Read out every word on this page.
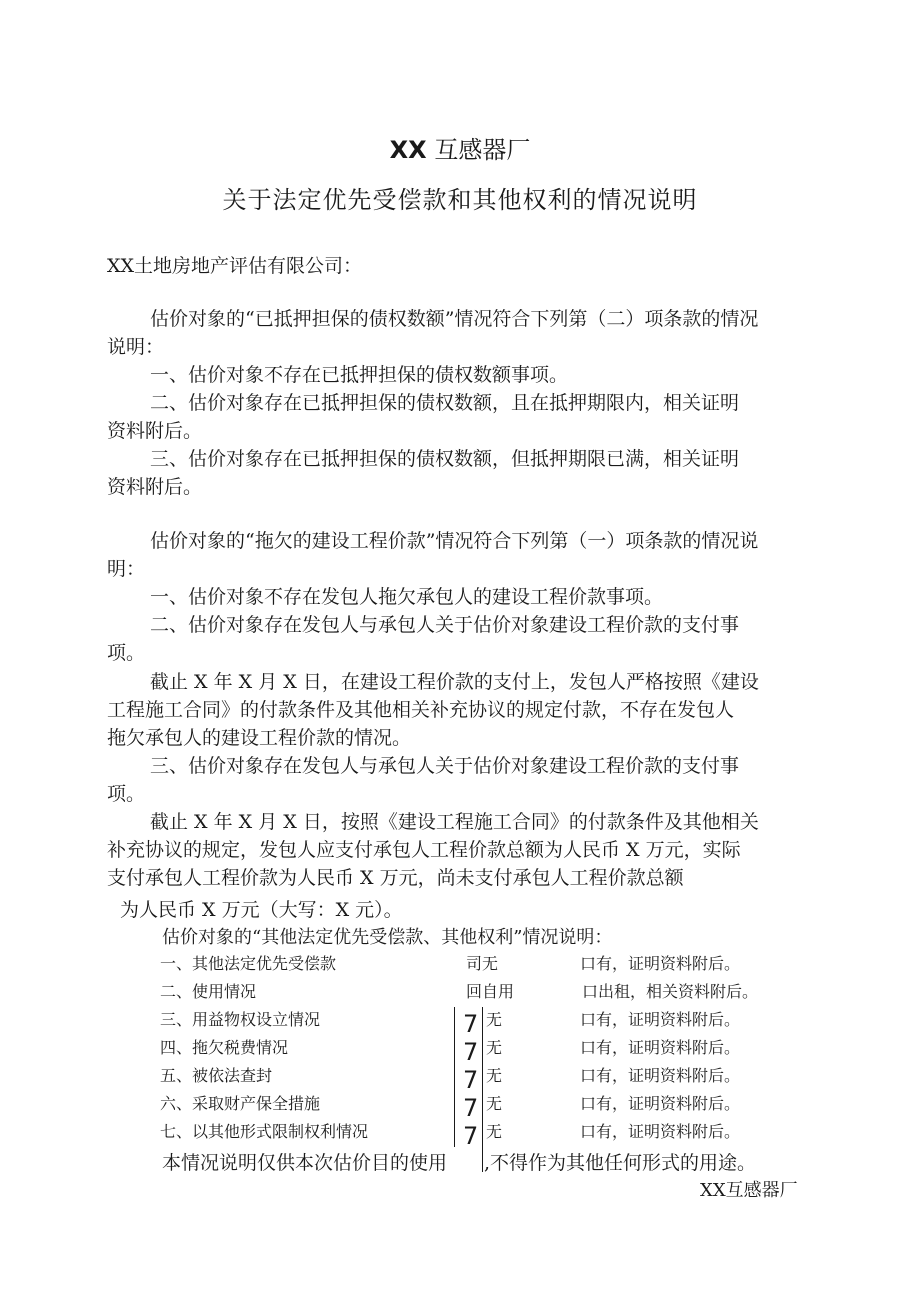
XX 互感器厂
关于法定优先受偿款和其他权利的情况说明
XX土地房地产评估有限公司：
估价对象的“已抵押担保的债权数额”情况符合下列第（二）项条款的情况
说明：
一、估价对象不存在已抵押担保的债权数额事项。
二、估价对象存在已抵押担保的债权数额，且在抵押期限内，相关证明
资料附后。
三、估价对象存在已抵押担保的债权数额，但抵押期限已满，相关证明
资料附后。
估价对象的“拖欠的建设工程价款”情况符合下列第（一）项条款的情况说
明：
一、估价对象不存在发包人拖欠承包人的建设工程价款事项。
二、估价对象存在发包人与承包人关于估价对象建设工程价款的支付事
项。
截止 X 年 X 月 X 日，在建设工程价款的支付上，发包人严格按照《建设
工程施工合同》的付款条件及其他相关补充协议的规定付款，不存在发包人
拖欠承包人的建设工程价款的情况。
三、估价对象存在发包人与承包人关于估价对象建设工程价款的支付事
项。
截止 X 年 X 月 X 日，按照《建设工程施工合同》的付款条件及其他相关
补充协议的规定，发包人应支付承包人工程价款总额为人民币 X 万元，实际
支付承包人工程价款为人民币 X 万元，尚未支付承包人工程价款总额
为人民币 X 万元（大写：X 元）。
估价对象的“其他法定优先受偿款、其他权利”情况说明：
一、其他法定优先受偿款	司无	口有，证明资料附后。
二、使用情况	回自用	口出租，相关资料附后。
三、用益物权设立情况	7 无	口有，证明资料附后。
四、拖欠税费情况	7 无	口有，证明资料附后。
五、被依法查封	7 无	口有，证明资料附后。
六、采取财产保全措施	7 无	口有，证明资料附后。
七、以其他形式限制权利情况	7 无	口有，证明资料附后。
本情况说明仅供本次估价目的使用 ,不得作为其他任何形式的用途。
XX互感器厂
